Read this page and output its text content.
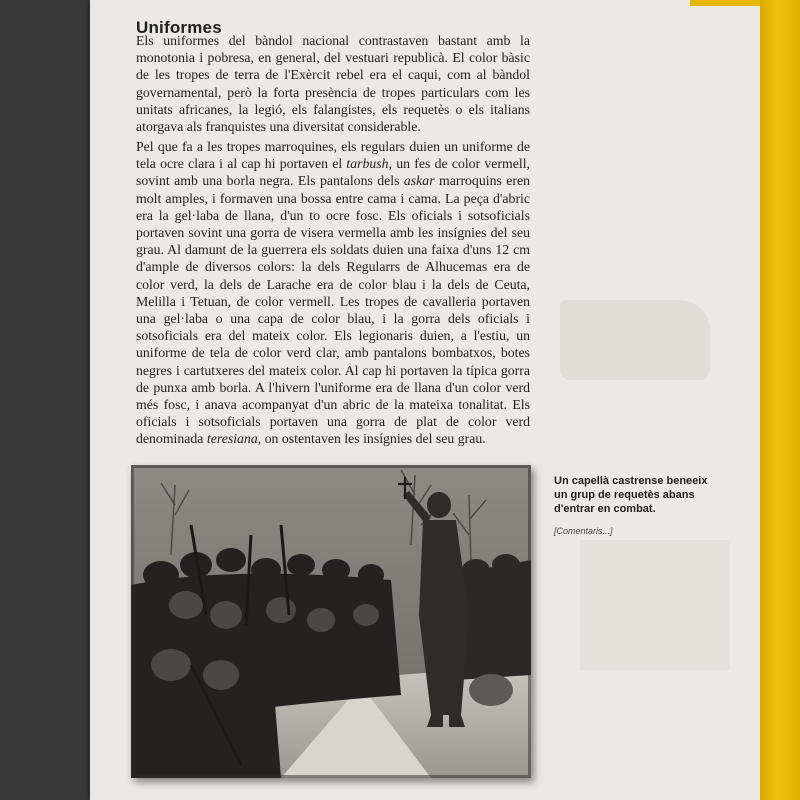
Uniformes

Els uniformes del bàndol nacional contrastaven bastant amb la monotonia i pobresa, en general, del vestuari republicà. El color bàsic de les tropes de terra de l'Exèrcit rebel era el caqui, com al bàndol governamental, però la forta presència de tropes particulars com les unitats africanes, la legió, els falangistes, els requetès o els italians atorgava als franquistes una diversitat considerable.

Pel que fa a les tropes marroquines, els regulars duien un uniforme de tela ocre clara i al cap hi portaven el tarbush, un fes de color vermell, sovint amb una borla negra. Els pantalons dels askar marroquins eren molt amples, i formaven una bossa entre cama i cama. La peça d'abric era la gel·laba de llana, d'un to ocre fosc. Els oficials i sotsoficials portaven sovint una gorra de visera vermella amb les insígnies del seu grau. Al damunt de la guerrera els soldats duien una faixa d'uns 12 cm d'ample de diversos colors: la dels Regularrs de Alhucemas era de color verd, la dels de Larache era de color blau i la dels de Ceuta, Melilla i Tetuan, de color vermell. Les tropes de cavalleria portaven una gel·laba o una capa de color blau, i la gorra dels oficials i sotsoficials era del mateix color. Els legionaris duien, a l'estiu, un uniforme de tela de color verd clar, amb pantalons bombatxos, botes negres i cartutxeres del mateix color. Al cap hi portaven la típica gorra de punxa amb borla. A l'hivern l'uniforme era de llana d'un color verd més fosc, i anava acompanyat d'un abric de la mateixa tonalitat. Els oficials i sotsoficials portaven una gorra de plat de color verd denominada teresiana, on ostentaven les insígnies del seu grau.

Un capellà castrense beneeix un grup de requetès abans d'entrar en combat.
[Comentaris...]
